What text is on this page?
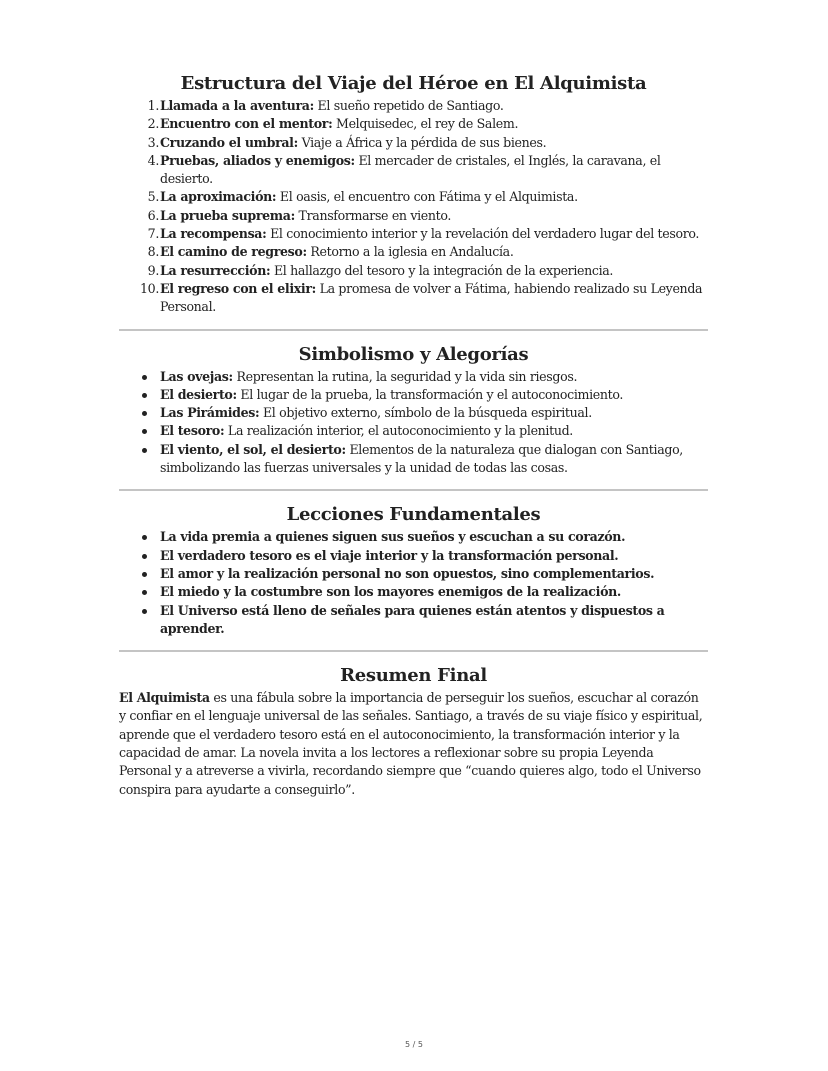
Estructura del Viaje del Héroe en El Alquimista
1. Llamada a la aventura: El sueño repetido de Santiago.
2. Encuentro con el mentor: Melquisedec, el rey de Salem.
3. Cruzando el umbral: Viaje a África y la pérdida de sus bienes.
4. Pruebas, aliados y enemigos: El mercader de cristales, el Inglés, la caravana, el desierto.
5. La aproximación: El oasis, el encuentro con Fátima y el Alquimista.
6. La prueba suprema: Transformarse en viento.
7. La recompensa: El conocimiento interior y la revelación del verdadero lugar del tesoro.
8. El camino de regreso: Retorno a la iglesia en Andalucía.
9. La resurrección: El hallazgo del tesoro y la integración de la experiencia.
10. El regreso con el elixir: La promesa de volver a Fátima, habiendo realizado su Leyenda Personal.
Simbolismo y Alegorías
Las ovejas: Representan la rutina, la seguridad y la vida sin riesgos.
El desierto: El lugar de la prueba, la transformación y el autoconocimiento.
Las Pirámides: El objetivo externo, símbolo de la búsqueda espiritual.
El tesoro: La realización interior, el autoconocimiento y la plenitud.
El viento, el sol, el desierto: Elementos de la naturaleza que dialogan con Santiago, simbolizando las fuerzas universales y la unidad de todas las cosas.
Lecciones Fundamentales
La vida premia a quienes siguen sus sueños y escuchan a su corazón.
El verdadero tesoro es el viaje interior y la transformación personal.
El amor y la realización personal no son opuestos, sino complementarios.
El miedo y la costumbre son los mayores enemigos de la realización.
El Universo está lleno de señales para quienes están atentos y dispuestos a aprender.
Resumen Final

El Alquimista es una fábula sobre la importancia de perseguir los sueños, escuchar al corazón y confiar en el lenguaje universal de las señales. Santiago, a través de su viaje físico y espiritual, aprende que el verdadero tesoro está en el autoconocimiento, la transformación interior y la capacidad de amar. La novela invita a los lectores a reflexionar sobre su propia Leyenda Personal y a atreverse a vivirla, recordando siempre que “cuando quieres algo, todo el Universo conspira para ayudarte a conseguirlo”.

5 / 5
